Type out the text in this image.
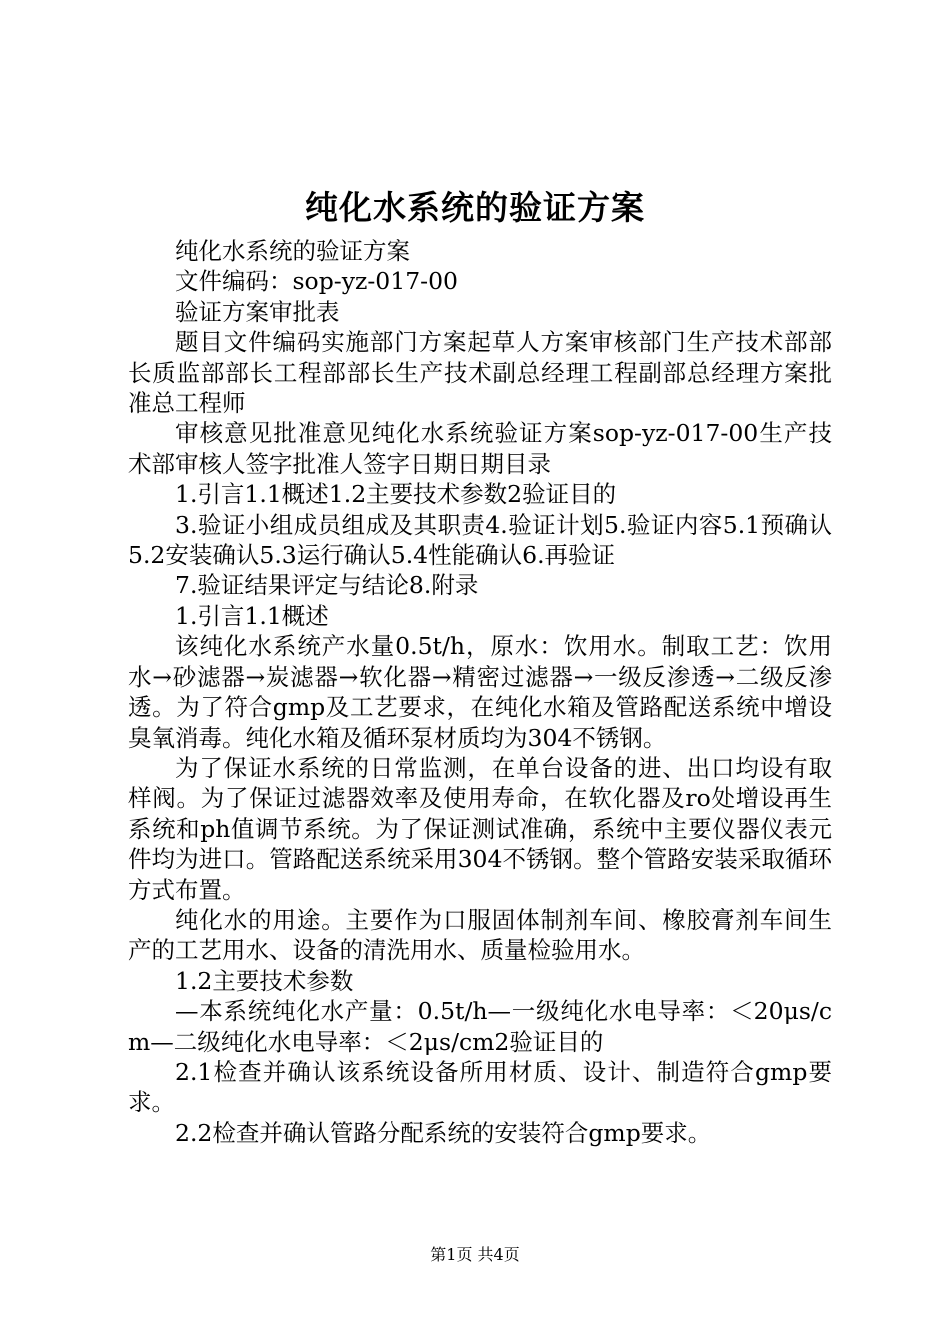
纯化水系统的验证方案

纯化水系统的验证方案

文件编码：sop-yz-017-00

验证方案审批表

题目文件编码实施部门方案起草人方案审核部门生产技术部部长质监部部长工程部部长生产技术副总经理工程副部总经理方案批准总工程师

审核意见批准意见纯化水系统验证方案sop-yz-017-00生产技术部审核人签字批准人签字日期日期目录

1.引言1.1概述1.2主要技术参数2验证目的

3.验证小组成员组成及其职责4.验证计划5.验证内容5.1预确认5.2安装确认5.3运行确认5.4性能确认6.再验证

7.验证结果评定与结论8.附录

1.引言1.1概述

该纯化水系统产水量0.5t/h，原水：饮用水。制取工艺：饮用水→砂滤器→炭滤器→软化器→精密过滤器→一级反渗透→二级反渗透。为了符合gmp及工艺要求，在纯化水箱及管路配送系统中增设臭氧消毒。纯化水箱及循环泵材质均为304不锈钢。

为了保证水系统的日常监测，在单台设备的进、出口均设有取样阀。为了保证过滤器效率及使用寿命，在软化器及ro处增设再生系统和ph值调节系统。为了保证测试准确，系统中主要仪器仪表元件均为进口。管路配送系统采用304不锈钢。整个管路安装采取循环方式布置。

纯化水的用途。主要作为口服固体制剂车间、橡胶膏剂车间生产的工艺用水、设备的清洗用水、质量检验用水。

1.2主要技术参数

—本系统纯化水产量：0.5t/h—一级纯化水电导率：＜20μs/cm—二级纯化水电导率：＜2μs/cm2验证目的

2.1检查并确认该系统设备所用材质、设计、制造符合gmp要求。

2.2检查并确认管路分配系统的安装符合gmp要求。

第1页 共4页
